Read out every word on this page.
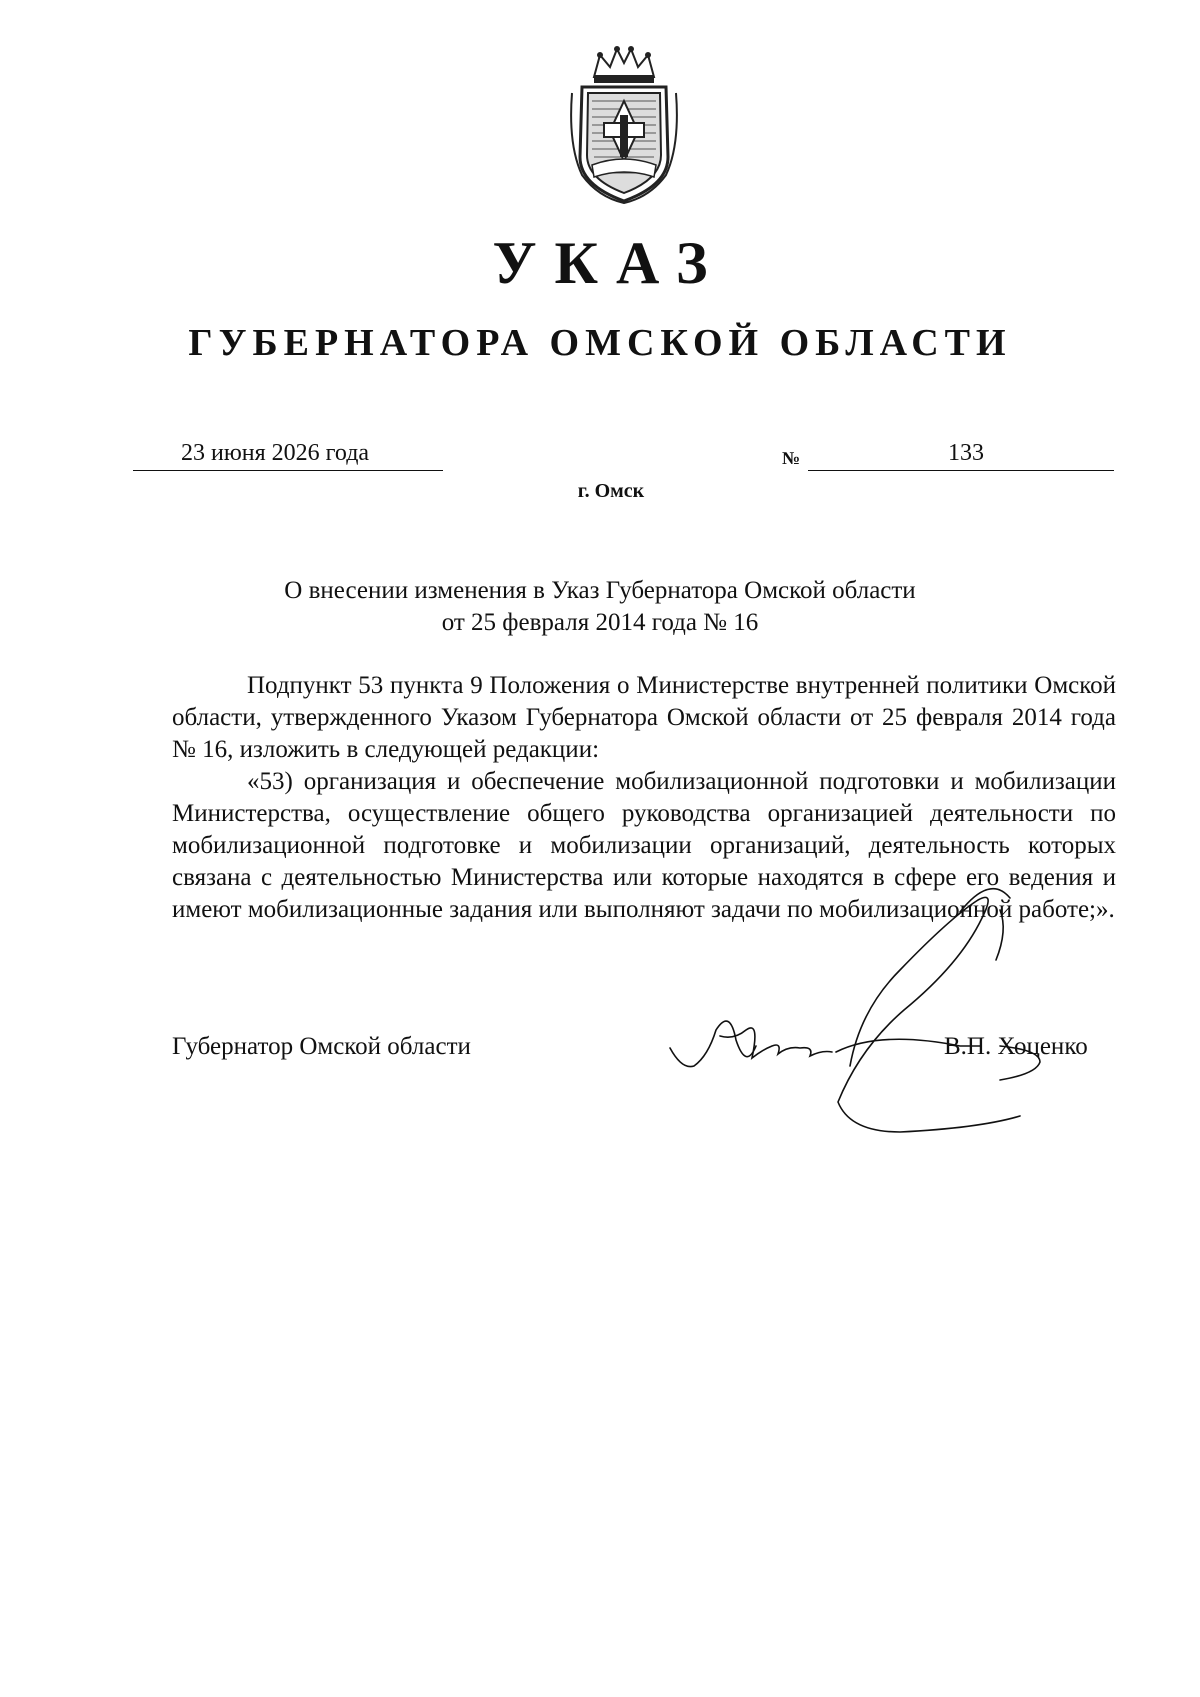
УКАЗ
ГУБЕРНАТОРА ОМСКОЙ ОБЛАСТИ
23 июня 2026 года	№	133
г. Омск
О внесении изменения в Указ Губернатора Омской области
от 25 февраля 2014 года № 16

Подпункт 53 пункта 9 Положения о Министерстве внутренней политики Омской области, утвержденного Указом Губернатора Омской области от 25 февраля 2014 года № 16, изложить в следующей редакции:

«53) организация и обеспечение мобилизационной подготовки и мобилизации Министерства, осуществление общего руководства организацией деятельности по мобилизационной подготовке и мобилизации организаций, деятельность которых связана с деятельностью Министерства или которые находятся в сфере его ведения и имеют мобилизационные задания или выполняют задачи по мобилизационной работе;».

Губернатор Омской области	В.П. Хоценко
